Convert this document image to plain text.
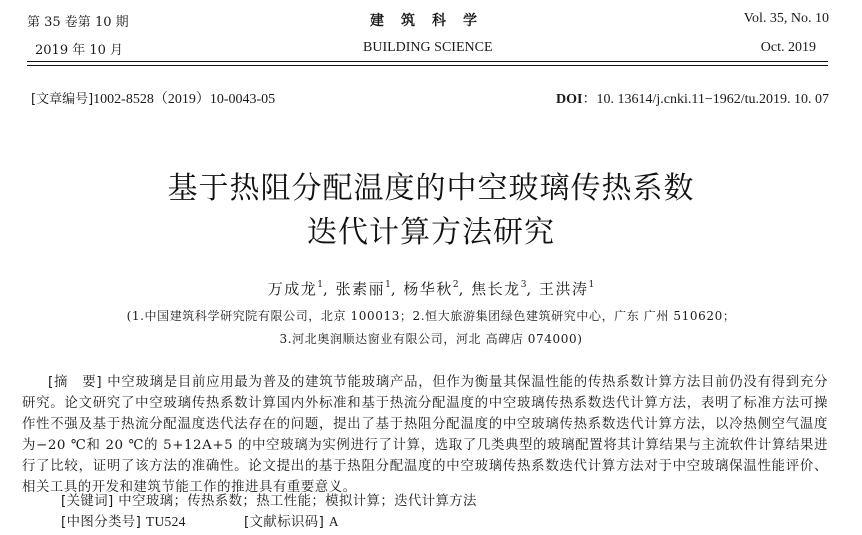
第 35 卷第 10 期
2019 年 10 月
建筑科学
BUILDING SCIENCE
Vol. 35, No. 10
Oct. 2019
[文章编号]1002-8528（2019）10-0043-05	DOI：10. 13614/j.cnki.11−1962/tu.2019. 10. 07
基于热阻分配温度的中空玻璃传热系数
迭代计算方法研究
万成龙$^1$, 张素丽$^1$, 杨华秋$^2$, 焦长龙$^3$, 王洪涛$^1$
(1.中国建筑科学研究院有限公司，北京 100013；2.恒大旅游集团绿色建筑研究中心，广东 广州 510620；
3.河北奥润顺达窗业有限公司，河北 高碑店 074000)
[摘　要] 中空玻璃是目前应用最为普及的建筑节能玻璃产品，但作为衡量其保温性能的传热系数计算方法目前仍没有得到充分研究。论文研究了中空玻璃传热系数计算国内外标准和基于热流分配温度的中空玻璃传热系数迭代计算方法，表明了标准方法可操作性不强及基于热流分配温度迭代法存在的问题，提出了基于热阻分配温度的中空玻璃传热系数迭代计算方法，以冷热侧空气温度为−20 ℃和 20 ℃的 5+12A+5 的中空玻璃为实例进行了计算，选取了几类典型的玻璃配置将其计算结果与主流软件计算结果进行了比较，证明了该方法的准确性。论文提出的基于热阻分配温度的中空玻璃传热系数迭代计算方法对于中空玻璃保温性能评价、相关工具的开发和建筑节能工作的推进具有重要意义。
[关键词] 中空玻璃；传热系数；热工性能；模拟计算；迭代计算方法
[中图分类号] TU524	[文献标识码] A
